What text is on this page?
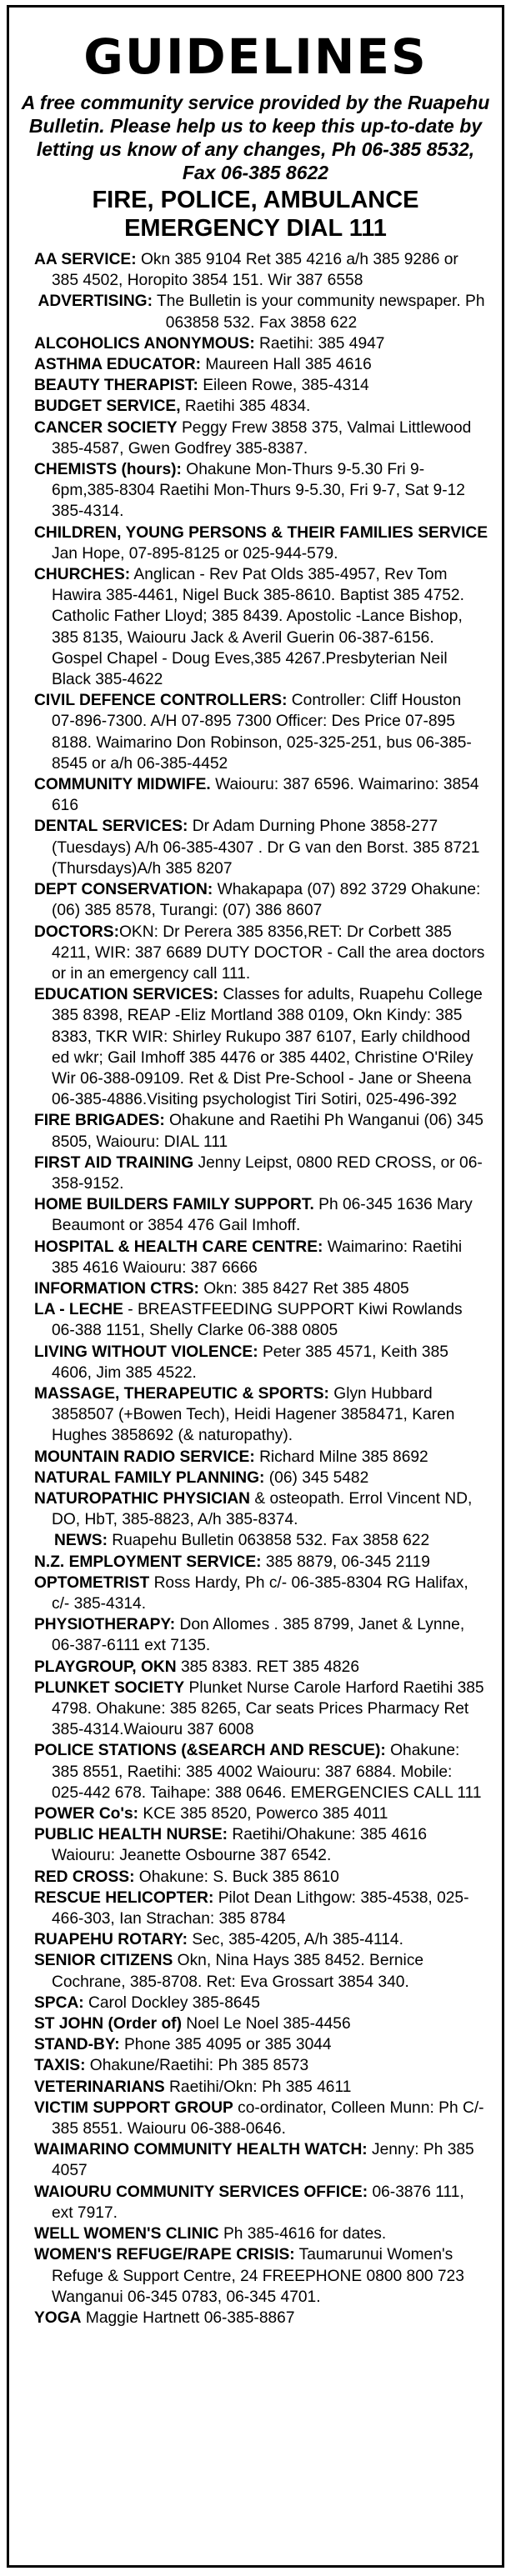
GUIDELINES
A free community service provided by the Ruapehu Bulletin. Please help us to keep this up-to-date by letting us know of any changes, Ph 06-385 8532, Fax 06-385 8622
FIRE, POLICE, AMBULANCE
EMERGENCY DIAL 111
AA SERVICE: Okn 385 9104 Ret 385 4216 a/h 385 9286 or 385 4502, Horopito 3854 151. Wir 387 6558
ADVERTISING: The Bulletin is your community newspaper. Ph 063858 532. Fax 3858 622
ALCOHOLICS ANONYMOUS: Raetihi: 385 4947
ASTHMA EDUCATOR: Maureen Hall 385 4616
BEAUTY THERAPIST: Eileen Rowe, 385-4314
BUDGET SERVICE, Raetihi 385 4834.
CANCER SOCIETY Peggy Frew 3858 375, Valmai Littlewood 385-4587, Gwen Godfrey 385-8387.
CHEMISTS (hours): Ohakune Mon-Thurs 9-5.30 Fri 9-6pm,385-8304 Raetihi Mon-Thurs 9-5.30, Fri 9-7, Sat 9-12 385-4314.
CHILDREN, YOUNG PERSONS & THEIR FAMILIES SERVICE Jan Hope, 07-895-8125 or 025-944-579.
CHURCHES: Anglican - Rev Pat Olds 385-4957, Rev Tom Hawira 385-4461, Nigel Buck 385-8610. Baptist 385 4752. Catholic Father Lloyd; 385 8439. Apostolic -Lance Bishop, 385 8135, Waiouru Jack & Averil Guerin 06-387-6156. Gospel Chapel - Doug Eves,385 4267.Presbyterian Neil Black 385-4622
CIVIL DEFENCE CONTROLLERS: Controller: Cliff Houston 07-896-7300. A/H 07-895 7300 Officer: Des Price 07-895 8188. Waimarino Don Robinson, 025-325-251, bus 06-385-8545 or a/h 06-385-4452
COMMUNITY MIDWIFE. Waiouru: 387 6596. Waimarino: 3854 616
DENTAL SERVICES: Dr Adam Durning Phone 3858-277 (Tuesdays) A/h 06-385-4307 . Dr G van den Borst. 385 8721 (Thursdays)A/h 385 8207
DEPT CONSERVATION: Whakapapa (07) 892 3729 Ohakune: (06) 385 8578, Turangi: (07) 386 8607
DOCTORS:OKN: Dr Perera 385 8356,RET: Dr Corbett 385 4211, WIR: 387 6689 DUTY DOCTOR - Call the area doctors or in an emergency call 111.
EDUCATION SERVICES: Classes for adults, Ruapehu College 385 8398, REAP -Eliz Mortland 388 0109, Okn Kindy: 385 8383, TKR WIR: Shirley Rukupo 387 6107, Early childhood ed wkr; Gail Imhoff 385 4476 or 385 4402, Christine O'Riley Wir 06-388-09109. Ret & Dist Pre-School - Jane or Sheena 06-385-4886.Visiting psychologist Tiri Sotiri, 025-496-392
FIRE BRIGADES: Ohakune and Raetihi Ph Wanganui (06) 345 8505, Waiouru: DIAL 111
FIRST AID TRAINING Jenny Leipst, 0800 RED CROSS, or 06-358-9152.
HOME BUILDERS FAMILY SUPPORT. Ph 06-345 1636 Mary Beaumont or 3854 476 Gail Imhoff.
HOSPITAL & HEALTH CARE CENTRE: Waimarino: Raetihi 385 4616 Waiouru: 387 6666
INFORMATION CTRS: Okn: 385 8427 Ret 385 4805
LA - LECHE - BREASTFEEDING SUPPORT Kiwi Rowlands 06-388 1151, Shelly Clarke 06-388 0805
LIVING WITHOUT VIOLENCE: Peter 385 4571, Keith 385 4606, Jim 385 4522.
MASSAGE, THERAPEUTIC & SPORTS: Glyn Hubbard 3858507 (+Bowen Tech), Heidi Hagener 3858471, Karen Hughes 3858692 (& naturopathy).
MOUNTAIN RADIO SERVICE: Richard Milne 385 8692
NATURAL FAMILY PLANNING: (06) 345 5482
NATUROPATHIC PHYSICIAN & osteopath. Errol Vincent ND, DO, HbT, 385-8823, A/h 385-8374.
NEWS: Ruapehu Bulletin 063858 532. Fax 3858 622
N.Z. EMPLOYMENT SERVICE: 385 8879, 06-345 2119
OPTOMETRIST Ross Hardy, Ph c/- 06-385-8304 RG Halifax, c/- 385-4314.
PHYSIOTHERAPY: Don Allomes . 385 8799, Janet & Lynne, 06-387-6111 ext 7135.
PLAYGROUP, OKN 385 8383. RET 385 4826
PLUNKET SOCIETY Plunket Nurse Carole Harford Raetihi 385 4798. Ohakune: 385 8265, Car seats Prices Pharmacy Ret 385-4314.Waiouru 387 6008
POLICE STATIONS (&SEARCH AND RESCUE): Ohakune: 385 8551, Raetihi: 385 4002 Waiouru: 387 6884. Mobile: 025-442 678. Taihape: 388 0646. EMERGENCIES CALL 111
POWER Co's: KCE 385 8520, Powerco 385 4011
PUBLIC HEALTH NURSE: Raetihi/Ohakune: 385 4616 Waiouru: Jeanette Osbourne 387 6542.
RED CROSS: Ohakune: S. Buck 385 8610
RESCUE HELICOPTER: Pilot Dean Lithgow: 385-4538, 025-466-303, Ian Strachan: 385 8784
RUAPEHU ROTARY: Sec, 385-4205, A/h 385-4114.
SENIOR CITIZENS Okn, Nina Hays 385 8452. Bernice Cochrane, 385-8708. Ret: Eva Grossart 3854 340.
SPCA: Carol Dockley 385-8645
ST JOHN (Order of) Noel Le Noel 385-4456
STAND-BY: Phone 385 4095 or 385 3044
TAXIS: Ohakune/Raetihi: Ph 385 8573
VETERINARIANS Raetihi/Okn: Ph 385 4611
VICTIM SUPPORT GROUP co-ordinator, Colleen Munn: Ph C/- 385 8551. Waiouru 06-388-0646.
WAIMARINO COMMUNITY HEALTH WATCH: Jenny: Ph 385 4057
WAIOURU COMMUNITY SERVICES OFFICE: 06-3876 111, ext 7917.
WELL WOMEN'S CLINIC Ph 385-4616 for dates.
WOMEN'S REFUGE/RAPE CRISIS: Taumarunui Women's Refuge & Support Centre, 24 FREEPHONE 0800 800 723 Wanganui 06-345 0783, 06-345 4701.
YOGA Maggie Hartnett 06-385-8867
